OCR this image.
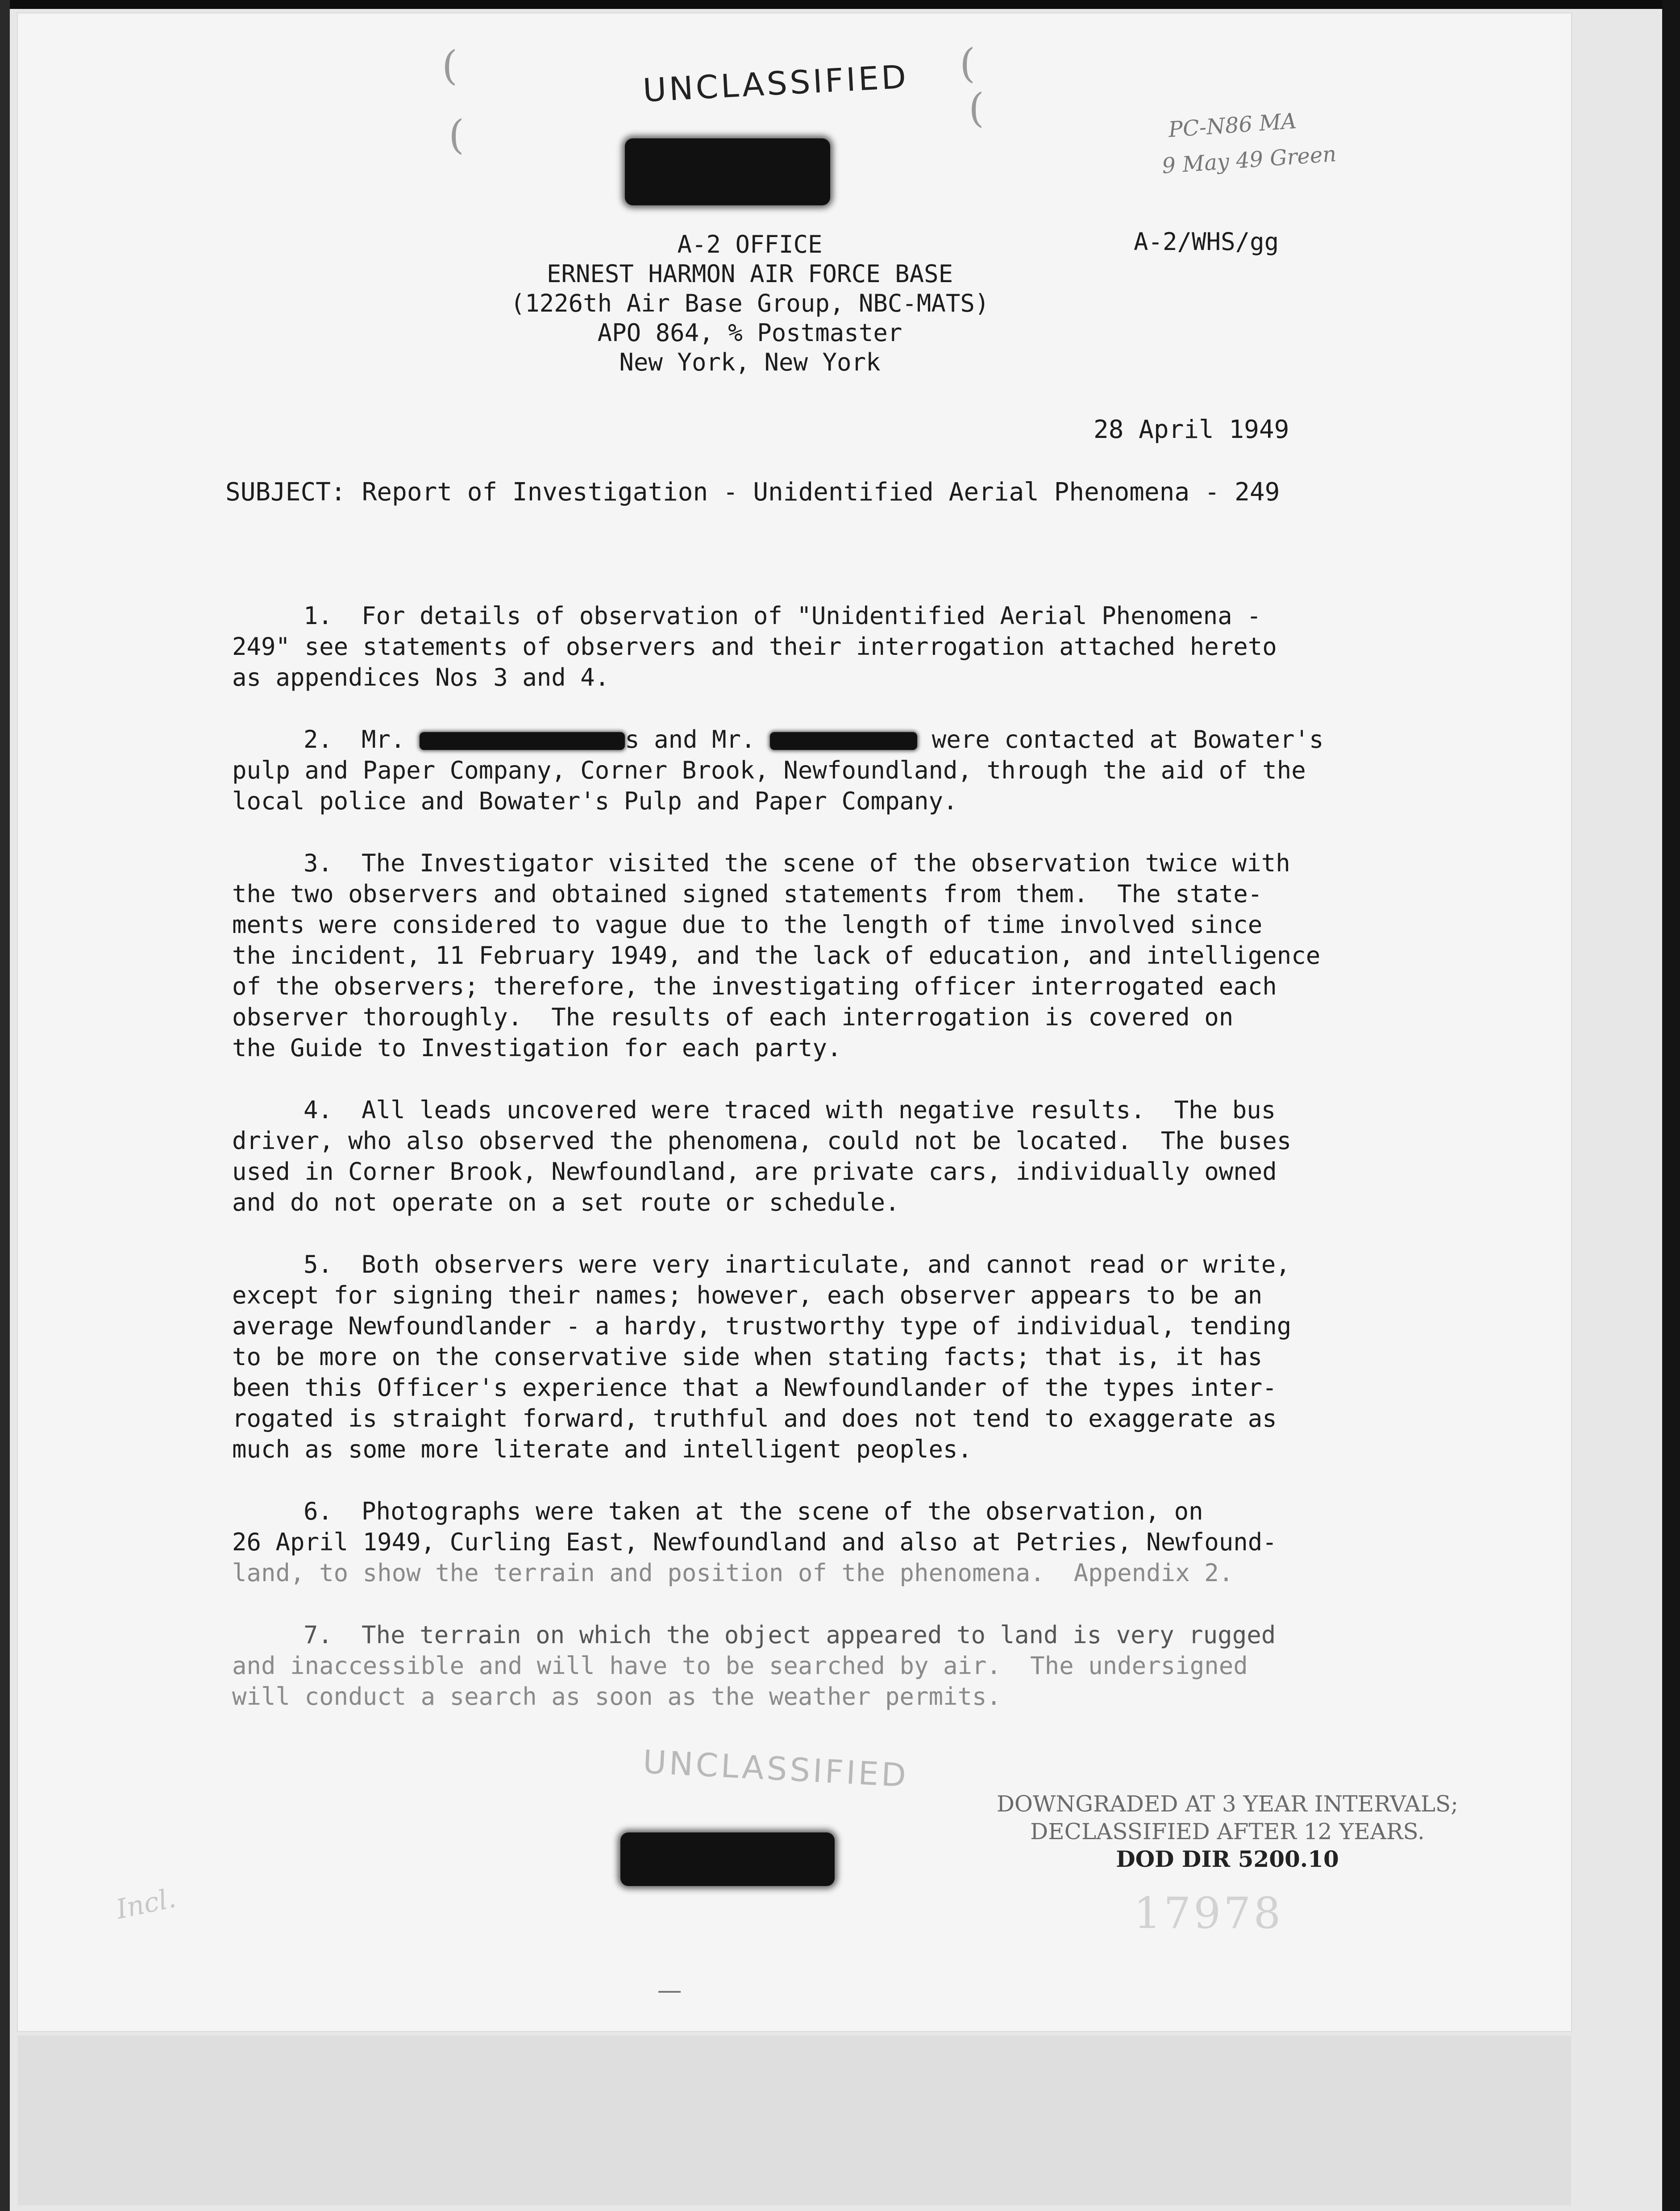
(	(
(
(
UNCLASSIFIED
PC-N86 MA
9 May 49 Green
A-2 OFFICE
ERNEST HARMON AIR FORCE BASE
(1226th Air Base Group, NBC-MATS)
APO 864, % Postmaster
New York, New York
A-2/WHS/gg
28 April 1949
SUBJECT: Report of Investigation - Unidentified Aerial Phenomena - 249
1.  For details of observation of "Unidentified Aerial Phenomena -
249" see statements of observers and their interrogation attached hereto
as appendices Nos 3 and 4.
2.  Mr.	s and Mr.	were contacted at Bowater's
pulp and Paper Company, Corner Brook, Newfoundland, through the aid of the
local police and Bowater's Pulp and Paper Company.
3.  The Investigator visited the scene of the observation twice with
the two observers and obtained signed statements from them.  The state-
ments were considered to vague due to the length of time involved since
the incident, 11 February 1949, and the lack of education, and intelligence
of the observers; therefore, the investigating officer interrogated each
observer thoroughly.  The results of each interrogation is covered on
the Guide to Investigation for each party.
4.  All leads uncovered were traced with negative results.  The bus
driver, who also observed the phenomena, could not be located.  The buses
used in Corner Brook, Newfoundland, are private cars, individually owned
and do not operate on a set route or schedule.
5.  Both observers were very inarticulate, and cannot read or write,
except for signing their names; however, each observer appears to be an
average Newfoundlander - a hardy, trustworthy type of individual, tending
to be more on the conservative side when stating facts; that is, it has
been this Officer's experience that a Newfoundlander of the types inter-
rogated is straight forward, truthful and does not tend to exaggerate as
much as some more literate and intelligent peoples.
6.  Photographs were taken at the scene of the observation, on
26 April 1949, Curling East, Newfoundland and also at Petries, Newfound-
land, to show the terrain and position of the phenomena.  Appendix 2.
7.  The terrain on which the object appeared to land is very rugged
and inaccessible and will have to be searched by air.  The undersigned
will conduct a search as soon as the weather permits.
UNCLASSIFIED
DOWNGRADED AT 3 YEAR INTERVALS;
DECLASSIFIED AFTER 12 YEARS.
DOD DIR 5200.10
17978
Incl.
